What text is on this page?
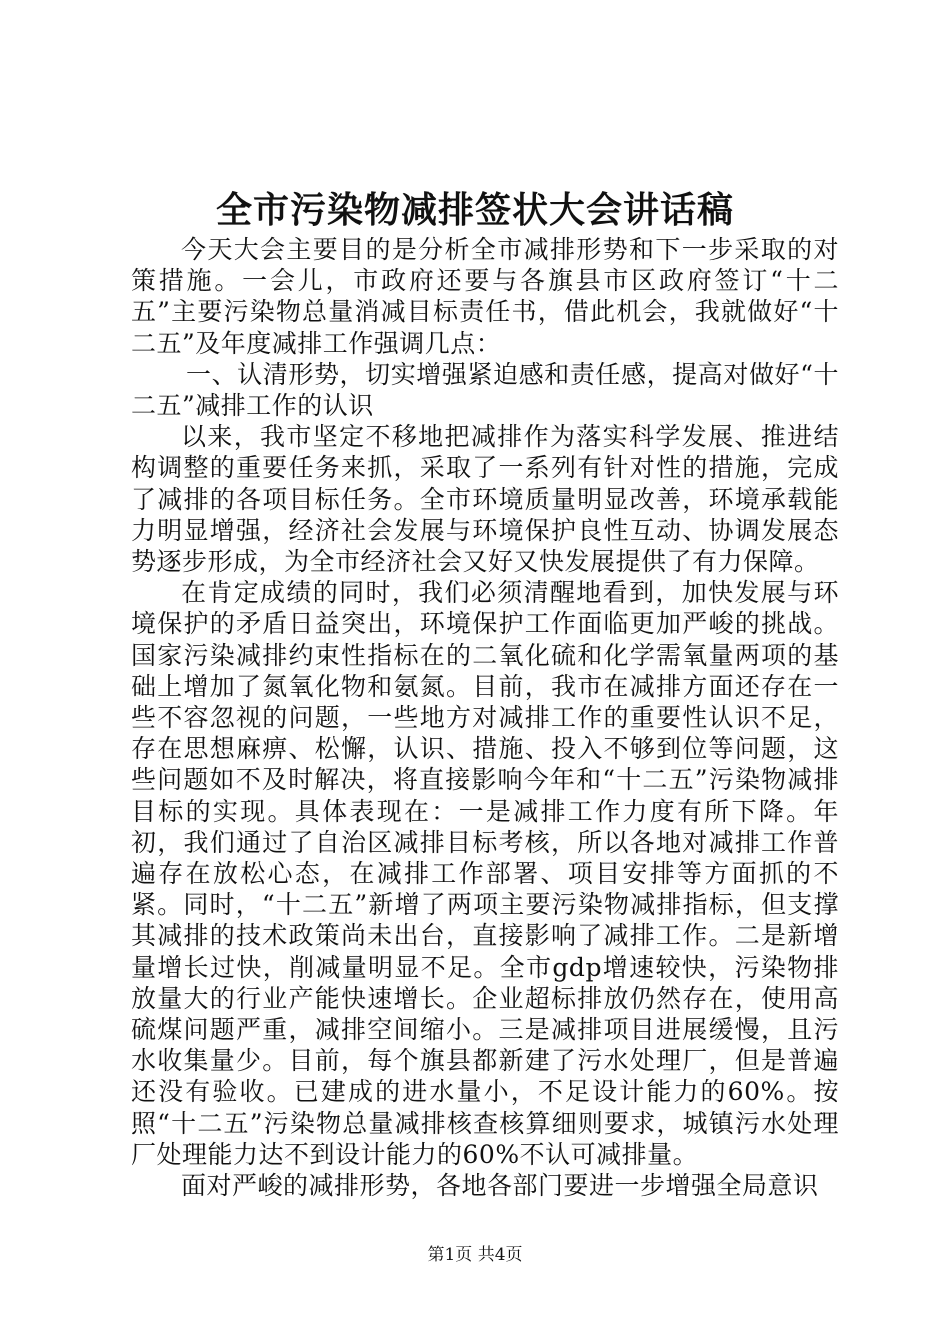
全市污染物减排签状大会讲话稿

今天大会主要目的是分析全市减排形势和下一步采取的对策措施。一会儿，市政府还要与各旗县市区政府签订“十二五”主要污染物总量消减目标责任书，借此机会，我就做好“十二五”及年度减排工作强调几点：

一、认清形势，切实增强紧迫感和责任感，提高对做好“十二五”减排工作的认识

以来，我市坚定不移地把减排作为落实科学发展、推进结构调整的重要任务来抓，采取了一系列有针对性的措施，完成了减排的各项目标任务。全市环境质量明显改善，环境承载能力明显增强，经济社会发展与环境保护良性互动、协调发展态势逐步形成，为全市经济社会又好又快发展提供了有力保障。

在肯定成绩的同时，我们必须清醒地看到，加快发展与环境保护的矛盾日益突出，环境保护工作面临更加严峻的挑战。国家污染减排约束性指标在的二氧化硫和化学需氧量两项的基础上增加了氮氧化物和氨氮。目前，我市在减排方面还存在一些不容忽视的问题，一些地方对减排工作的重要性认识不足，存在思想麻痹、松懈，认识、措施、投入不够到位等问题，这些问题如不及时解决，将直接影响今年和“十二五”污染物减排目标的实现。具体表现在：一是减排工作力度有所下降。年初，我们通过了自治区减排目标考核，所以各地对减排工作普遍存在放松心态，在减排工作部署、项目安排等方面抓的不紧。同时，“十二五”新增了两项主要污染物减排指标，但支撑其减排的技术政策尚未出台，直接影响了减排工作。二是新增量增长过快，削减量明显不足。全市gdp增速较快，污染物排放量大的行业产能快速增长。企业超标排放仍然存在，使用高硫煤问题严重，减排空间缩小。三是减排项目进展缓慢，且污水收集量少。目前，每个旗县都新建了污水处理厂，但是普遍还没有验收。已建成的进水量小，不足设计能力的60%。按照“十二五”污染物总量减排核查核算细则要求，城镇污水处理厂处理能力达不到设计能力的60%不认可减排量。

面对严峻的减排形势，各地各部门要进一步增强全局意识

第1页 共4页
